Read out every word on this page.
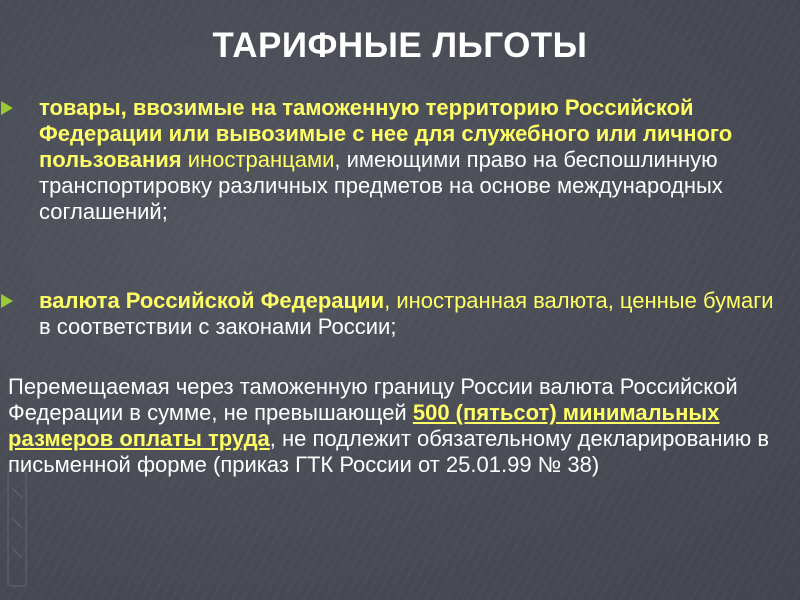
ТАРИФНЫЕ ЛЬГОТЫ
товары, ввозимые на таможенную территорию Российской Федерации или вывозимые с нее для служебного или личного пользования иностранцами, имеющими право на беспошлинную транспортировку различных предметов на основе международных соглашений;
валюта Российской Федерации, иностранная валюта, ценные бумаги в соответствии с законами России;
Перемещаемая через таможенную границу России валюта Российской Федерации в сумме, не превышающей 500 (пятьсот) минимальных размеров оплаты труда, не подлежит обязательному декларированию в письменной форме (приказ ГТК России от 25.01.99 № 38)
